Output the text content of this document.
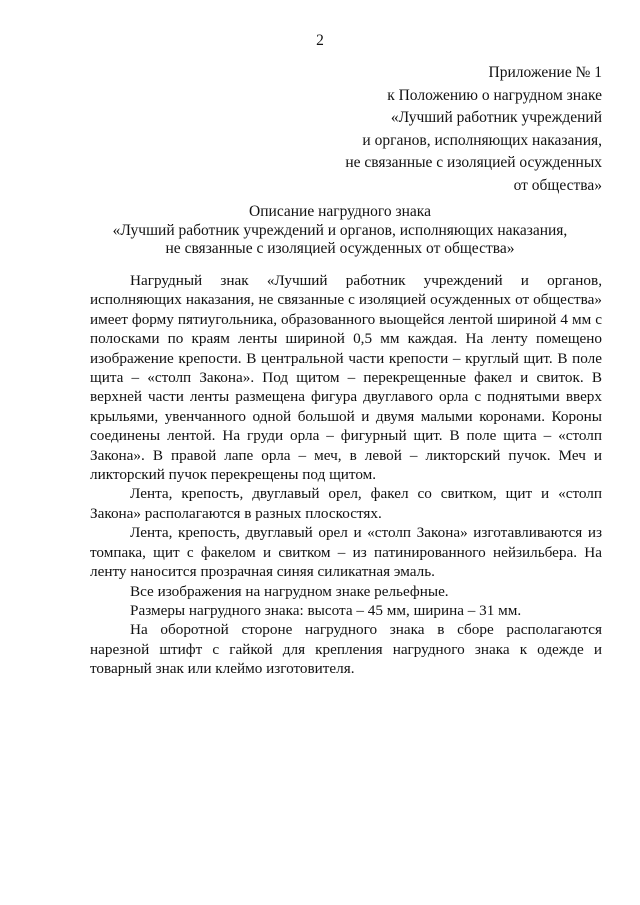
2
Приложение № 1
к Положению о нагрудном знаке
«Лучший работник учреждений
и органов, исполняющих наказания,
не связанные с изоляцией осужденных
от общества»
Описание нагрудного знака
«Лучший работник учреждений и органов, исполняющих наказания,
не связанные с изоляцией осужденных от общества»

Нагрудный знак «Лучший работник учреждений и органов, исполняющих наказания, не связанные с изоляцией осужденных от общества» имеет форму пятиугольника, образованного выощейся лентой шириной 4 мм с полосками по краям ленты шириной 0,5 мм каждая. На ленту помещено изображение крепости. В центральной части крепости – круглый щит. В поле щита – «столп Закона». Под щитом – перекрещенные факел и свиток. В верхней части ленты размещена фигура двуглавого орла с поднятыми вверх крыльями, увенчанного одной большой и двумя малыми коронами. Короны соединены лентой. На груди орла – фигурный щит. В поле щита – «столп Закона». В правой лапе орла – меч, в левой – ликторский пучок. Меч и ликторский пучок перекрещены под щитом.

Лента, крепость, двуглавый орел, факел со свитком, щит и «столп Закона» располагаются в разных плоскостях.

Лента, крепость, двуглавый орел и «столп Закона» изготавливаются из томпака, щит с факелом и свитком – из патинированного нейзильбера. На ленту наносится прозрачная синяя силикатная эмаль.

Все изображения на нагрудном знаке рельефные.

Размеры нагрудного знака: высота – 45 мм, ширина – 31 мм.

На оборотной стороне нагрудного знака в сборе располагаются нарезной штифт с гайкой для крепления нагрудного знака к одежде и товарный знак или клеймо изготовителя.
